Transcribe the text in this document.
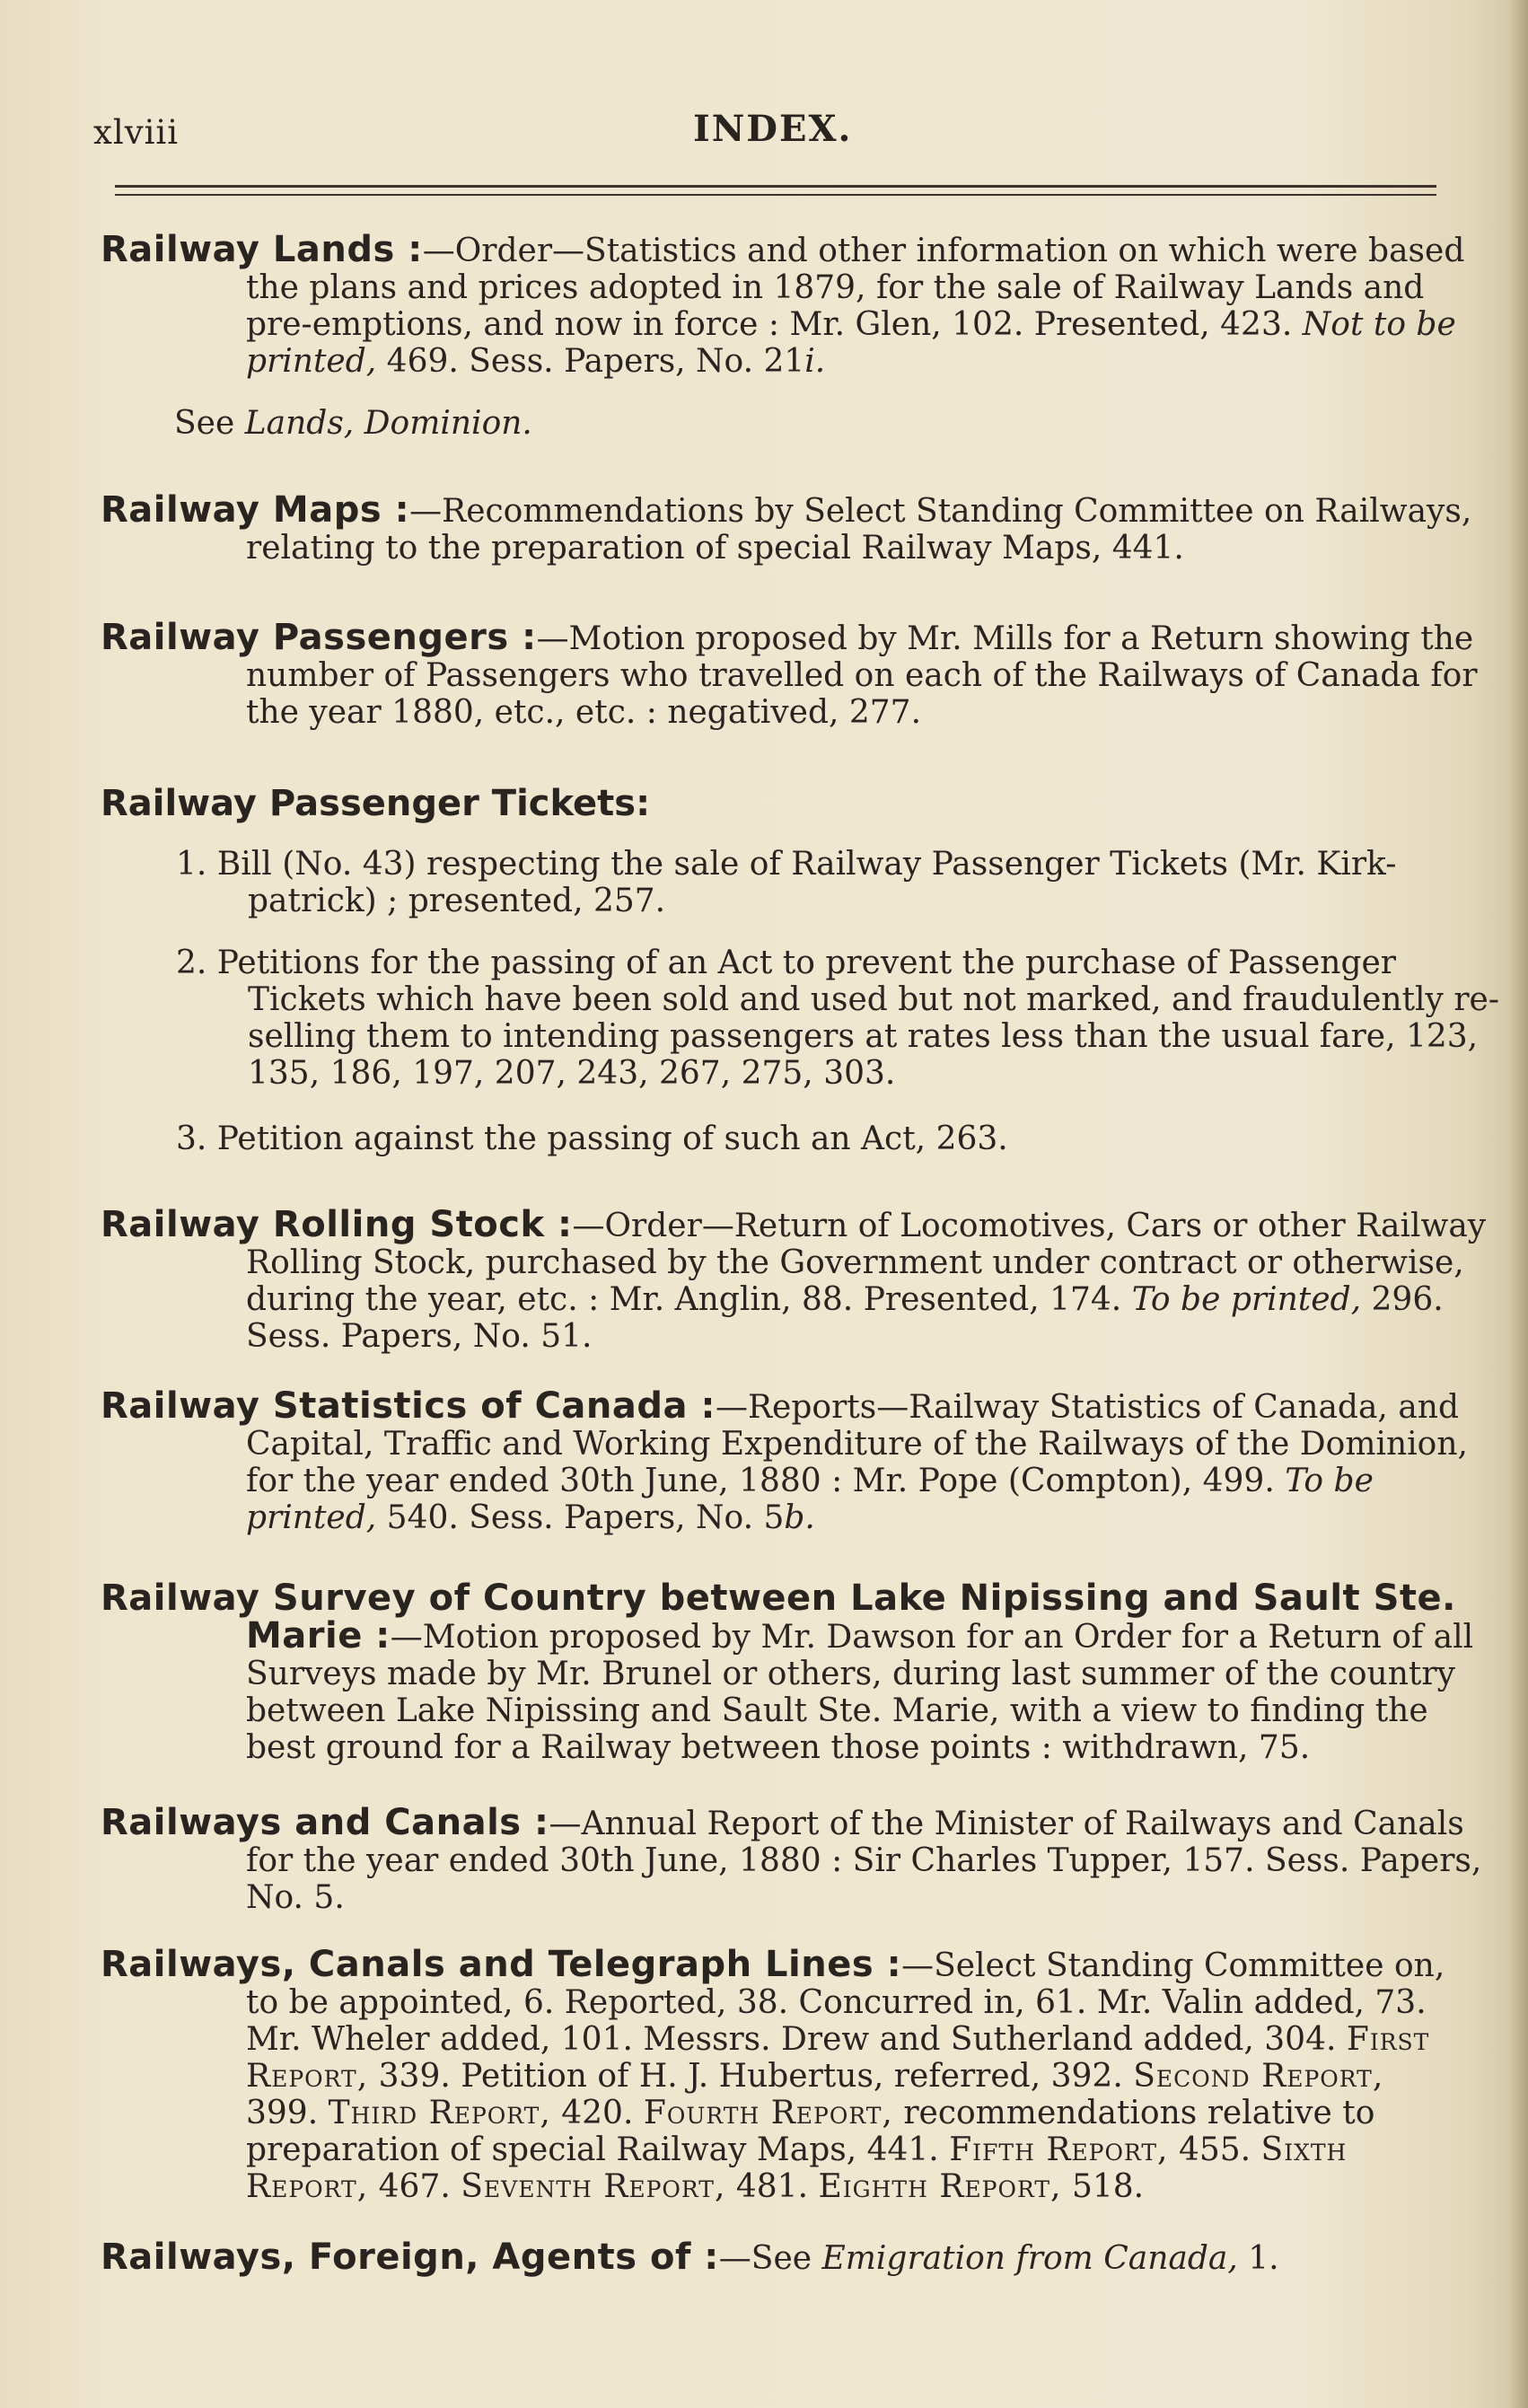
xlviii	INDEX.
Railway Lands :—Order—Statistics and other information on which were based
the plans and prices adopted in 1879, for the sale of Railway Lands and
pre-emptions, and now in force : Mr. Glen, 102. Presented, 423. Not to be
printed, 469. Sess. Papers, No. 21i.
See Lands, Dominion.
Railway Maps :—Recommendations by Select Standing Committee on Railways,
relating to the preparation of special Railway Maps, 441.
Railway Passengers :—Motion proposed by Mr. Mills for a Return showing the
number of Passengers who travelled on each of the Railways of Canada for
the year 1880, etc., etc. : negatived, 277.
Railway Passenger Tickets:
1. Bill (No. 43) respecting the sale of Railway Passenger Tickets (Mr. Kirk-
patrick) ; presented, 257.
2. Petitions for the passing of an Act to prevent the purchase of Passenger
Tickets which have been sold and used but not marked, and fraudulently re-
selling them to intending passengers at rates less than the usual fare, 123,
135, 186, 197, 207, 243, 267, 275, 303.
3. Petition against the passing of such an Act, 263.
Railway Rolling Stock :—Order—Return of Locomotives, Cars or other Railway
Rolling Stock, purchased by the Government under contract or otherwise,
during the year, etc. : Mr. Anglin, 88. Presented, 174. To be printed, 296.
Sess. Papers, No. 51.
Railway Statistics of Canada :—Reports—Railway Statistics of Canada, and
Capital, Traffic and Working Expenditure of the Railways of the Dominion,
for the year ended 30th June, 1880 : Mr. Pope (Compton), 499. To be
printed, 540. Sess. Papers, No. 5b.
Railway Survey of Country between Lake Nipissing and Sault Ste.
Marie :—Motion proposed by Mr. Dawson for an Order for a Return of all
Surveys made by Mr. Brunel or others, during last summer of the country
between Lake Nipissing and Sault Ste. Marie, with a view to finding the
best ground for a Railway between those points : withdrawn, 75.
Railways and Canals :—Annual Report of the Minister of Railways and Canals
for the year ended 30th June, 1880 : Sir Charles Tupper, 157. Sess. Papers,
No. 5.
Railways, Canals and Telegraph Lines :—Select Standing Committee on,
to be appointed, 6. Reported, 38. Concurred in, 61. Mr. Valin added, 73.
Mr. Wheler added, 101. Messrs. Drew and Sutherland added, 304. First
Report, 339. Petition of H. J. Hubertus, referred, 392. Second Report,
399. Third Report, 420. Fourth Report, recommendations relative to
preparation of special Railway Maps, 441. Fifth Report, 455. Sixth
Report, 467. Seventh Report, 481. Eighth Report, 518.
Railways, Foreign, Agents of :—See Emigration from Canada, 1.
